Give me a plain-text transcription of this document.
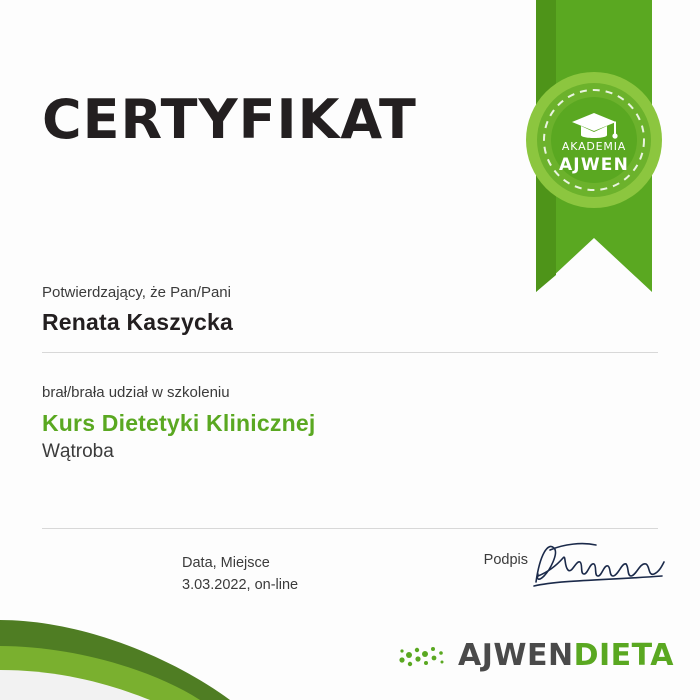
AKADEMIA
AJWEN
CERTYFIKAT
Potwierdzający, że Pan/Pani
Renata Kaszycka
brał/brała udział w szkoleniu
Kurs Dietetyki Klinicznej
Wątroba
Data, Miejsce
3.03.2022, on-line
Podpis
AJWENDIETA
